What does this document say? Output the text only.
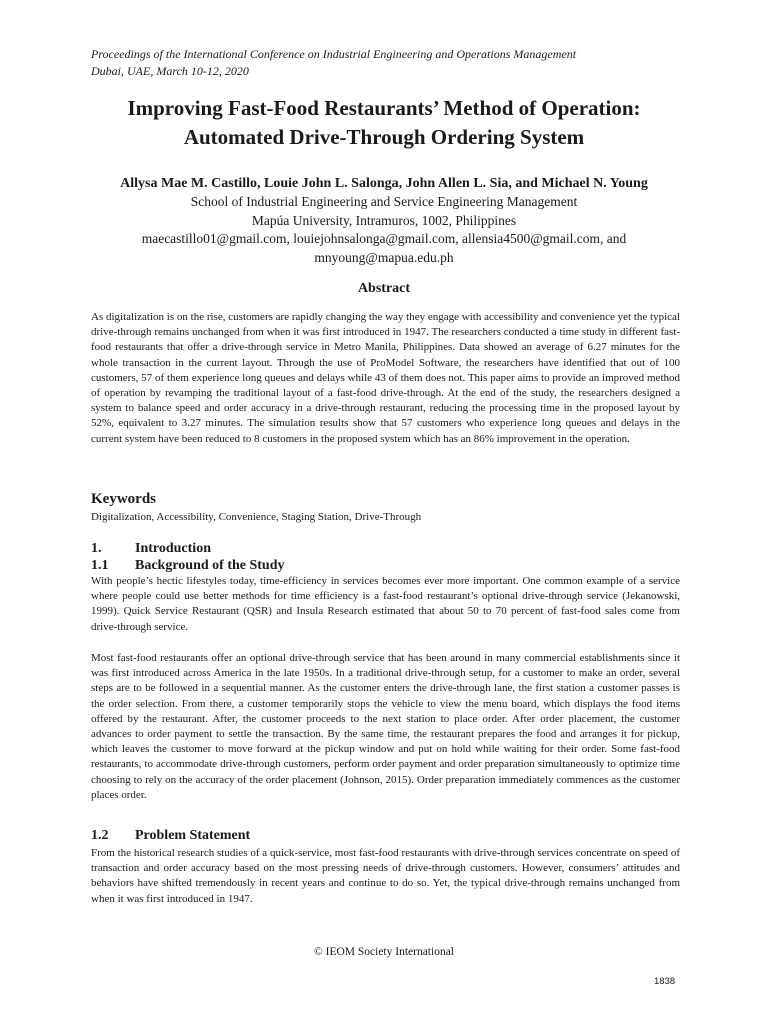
Proceedings of the International Conference on Industrial Engineering and Operations Management
Dubai, UAE, March 10-12, 2020
Improving Fast-Food Restaurants’ Method of Operation:
Automated Drive-Through Ordering System
Allysa Mae M. Castillo, Louie John L. Salonga, John Allen L. Sia, and Michael N. Young
School of Industrial Engineering and Service Engineering Management
Mapúa University, Intramuros, 1002, Philippines
maecastillo01@gmail.com, louiejohnsalonga@gmail.com, allensia4500@gmail.com, and
mnyoung@mapua.edu.ph
Abstract

As digitalization is on the rise, customers are rapidly changing the way they engage with accessibility and convenience yet the typical drive-through remains unchanged from when it was first introduced in 1947. The researchers conducted a time study in different fast-food restaurants that offer a drive-through service in Metro Manila, Philippines. Data showed an average of 6.27 minutes for the whole transaction in the current layout. Through the use of ProModel Software, the researchers have identified that out of 100 customers, 57 of them experience long queues and delays while 43 of them does not. This paper aims to provide an improved method of operation by revamping the traditional layout of a fast-food drive-through. At the end of the study, the researchers designed a system to balance speed and order accuracy in a drive-through restaurant, reducing the processing time in the proposed layout by 52%, equivalent to 3.27 minutes. The simulation results show that 57 customers who experience long queues and delays in the current system have been reduced to 8 customers in the proposed system which has an 86% improvement in the operation.

Keywords
Digitalization, Accessibility, Convenience, Staging Station, Drive-Through
1. Introduction
1.1 Background of the Study

With people’s hectic lifestyles today, time-efficiency in services becomes ever more important. One common example of a service where people could use better methods for time efficiency is a fast-food restaurant’s optional drive-through service (Jekanowski, 1999). Quick Service Restaurant (QSR) and Insula Research estimated that about 50 to 70 percent of fast-food sales come from drive-through service.

Most fast-food restaurants offer an optional drive-through service that has been around in many commercial establishments since it was first introduced across America in the late 1950s. In a traditional drive-through setup, for a customer to make an order, several steps are to be followed in a sequential manner. As the customer enters the drive-through lane, the first station a customer passes is the order selection. From there, a customer temporarily stops the vehicle to view the menu board, which displays the food items offered by the restaurant. After, the customer proceeds to the next station to place order. After order placement, the customer advances to order payment to settle the transaction. By the same time, the restaurant prepares the food and arranges it for pickup, which leaves the customer to move forward at the pickup window and put on hold while waiting for their order. Some fast-food restaurants, to accommodate drive-through customers, perform order payment and order preparation simultaneously to optimize time choosing to rely on the accuracy of the order placement (Johnson, 2015). Order preparation immediately commences as the customer places order.

1.2 Problem Statement

From the historical research studies of a quick-service, most fast-food restaurants with drive-through services concentrate on speed of transaction and order accuracy based on the most pressing needs of drive-through customers. However, consumers’ attitudes and behaviors have shifted tremendously in recent years and continue to do so. Yet, the typical drive-through remains unchanged from when it was first introduced in 1947.

© IEOM Society International
1838
